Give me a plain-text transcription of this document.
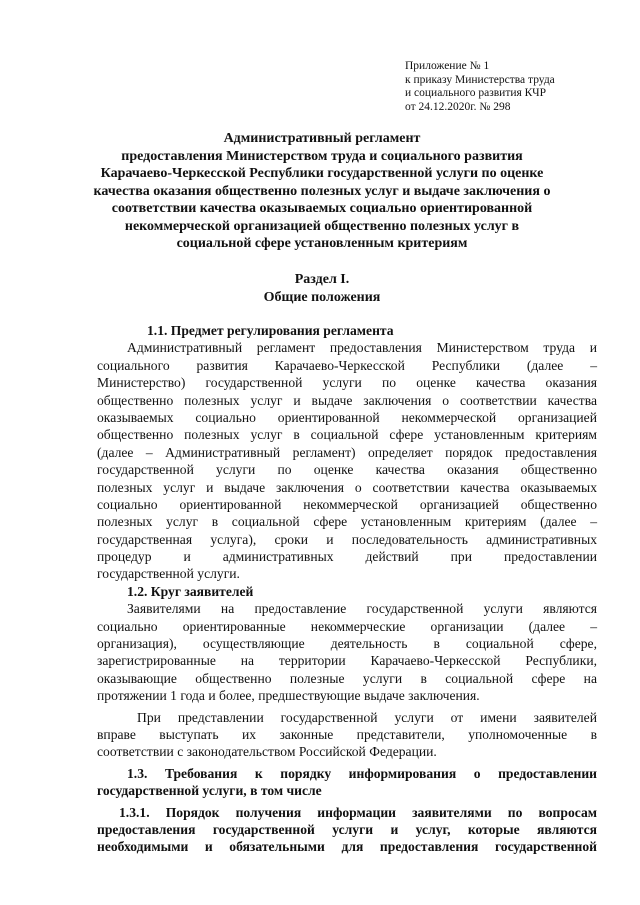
Приложение № 1
к приказу Министерства труда
и социального развития КЧР
от 24.12.2020г. № 298
Административный регламент
предоставления Министерством труда и социального развития
Карачаево-Черкесской Республики государственной услуги по оценке
качества оказания общественно полезных услуг и выдаче заключения о
соответствии качества оказываемых социально ориентированной
некоммерческой организацией общественно полезных услуг в
социальной сфере установленным критериям
Раздел I.
Общие положения
1.1. Предмет регулирования регламента
Административный регламент предоставления Министерством труда и
социального развития Карачаево-Черкесской Республики (далее –
Министерство) государственной услуги по оценке качества оказания
общественно полезных услуг и выдаче заключения о соответствии качества
оказываемых социально ориентированной некоммерческой организацией
общественно полезных услуг в социальной сфере установленным критериям
(далее – Административный регламент) определяет порядок предоставления
государственной услуги по оценке качества оказания общественно
полезных услуг и выдаче заключения о соответствии качества оказываемых
социально ориентированной некоммерческой организацией общественно
полезных услуг в социальной сфере установленным критериям (далее –
государственная услуга), сроки и последовательность административных
процедур и административных действий при предоставлении
государственной услуги.
1.2. Круг заявителей
Заявителями на предоставление государственной услуги являются
социально ориентированные некоммерческие организации (далее –
организация), осуществляющие деятельность в социальной сфере,
зарегистрированные на территории Карачаево-Черкесской Республики,
оказывающие общественно полезные услуги в социальной сфере на
протяжении 1 года и более, предшествующие выдаче заключения.
При представлении государственной услуги от имени заявителей
вправе выступать их законные представители, уполномоченные в
соответствии с законодательством Российской Федерации.
1.3. Требования к порядку информирования о предоставлении
государственной услуги, в том числе
1.3.1. Порядок получения информации заявителями по вопросам
предоставления государственной услуги и услуг, которые являются
необходимыми и обязательными для предоставления государственной
